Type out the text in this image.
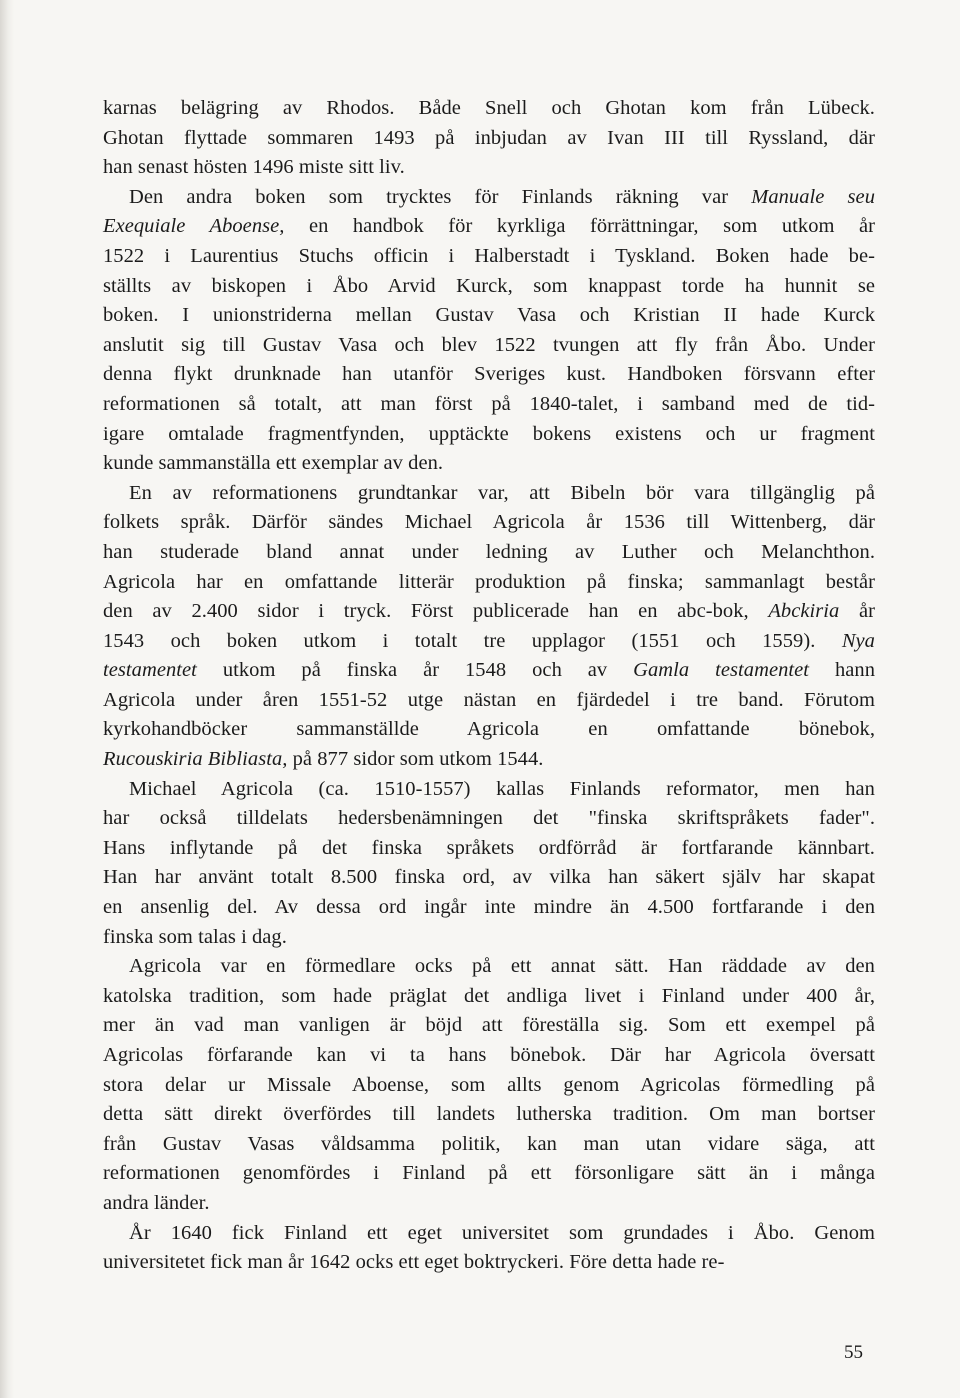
karnas belägring av Rhodos. Både Snell och Ghotan kom från Lübeck.
Ghotan flyttade sommaren 1493 på inbjudan av Ivan III till Ryssland, där
han senast hösten 1496 miste sitt liv.
Den andra boken som trycktes för Finlands räkning var Manuale seu
Exequiale Aboense, en handbok för kyrkliga förrättningar, som utkom år
1522 i Laurentius Stuchs officin i Halberstadt i Tyskland. Boken hade be-
ställts av biskopen i Åbo Arvid Kurck, som knappast torde ha hunnit se
boken. I unionstriderna mellan Gustav Vasa och Kristian II hade Kurck
anslutit sig till Gustav Vasa och blev 1522 tvungen att fly från Åbo. Under
denna flykt drunknade han utanför Sveriges kust. Handboken försvann efter
reformationen så totalt, att man först på 1840-talet, i samband med de tid-
igare omtalade fragmentfynden, upptäckte bokens existens och ur fragment
kunde sammanställa ett exemplar av den.
En av reformationens grundtankar var, att Bibeln bör vara tillgänglig på
folkets språk. Därför sändes Michael Agricola år 1536 till Wittenberg, där
han studerade bland annat under ledning av Luther och Melanchthon.
Agricola har en omfattande litterär produktion på finska; sammanlagt består
den av 2.400 sidor i tryck. Först publicerade han en abc-bok, Abckiria år
1543 och boken utkom i totalt tre upplagor (1551 och 1559). Nya
testamentet utkom på finska år 1548 och av Gamla testamentet hann
Agricola under åren 1551-52 utge nästan en fjärdedel i tre band. Förutom
kyrkohandböcker sammanställde Agricola en omfattande bönebok,
Rucouskiria Bibliasta, på 877 sidor som utkom 1544.
Michael Agricola (ca. 1510-1557) kallas Finlands reformator, men han
har också tilldelats hedersbenämningen det "finska skriftspråkets fader".
Hans inflytande på det finska språkets ordförråd är fortfarande kännbart.
Han har använt totalt 8.500 finska ord, av vilka han säkert själv har skapat
en ansenlig del. Av dessa ord ingår inte mindre än 4.500 fortfarande i den
finska som talas i dag.
Agricola var en förmedlare ocks på ett annat sätt. Han räddade av den
katolska tradition, som hade präglat det andliga livet i Finland under 400 år,
mer än vad man vanligen är böjd att föreställa sig. Som ett exempel på
Agricolas förfarande kan vi ta hans bönebok. Där har Agricola översatt
stora delar ur Missale Aboense, som allts genom Agricolas förmedling på
detta sätt direkt överfördes till landets lutherska tradition. Om man bortser
från Gustav Vasas våldsamma politik, kan man utan vidare säga, att
reformationen genomfördes i Finland på ett försonligare sätt än i många
andra länder.
År 1640 fick Finland ett eget universitet som grundades i Åbo. Genom
universitetet fick man år 1642 ocks ett eget boktryckeri. Före detta hade re-
55
